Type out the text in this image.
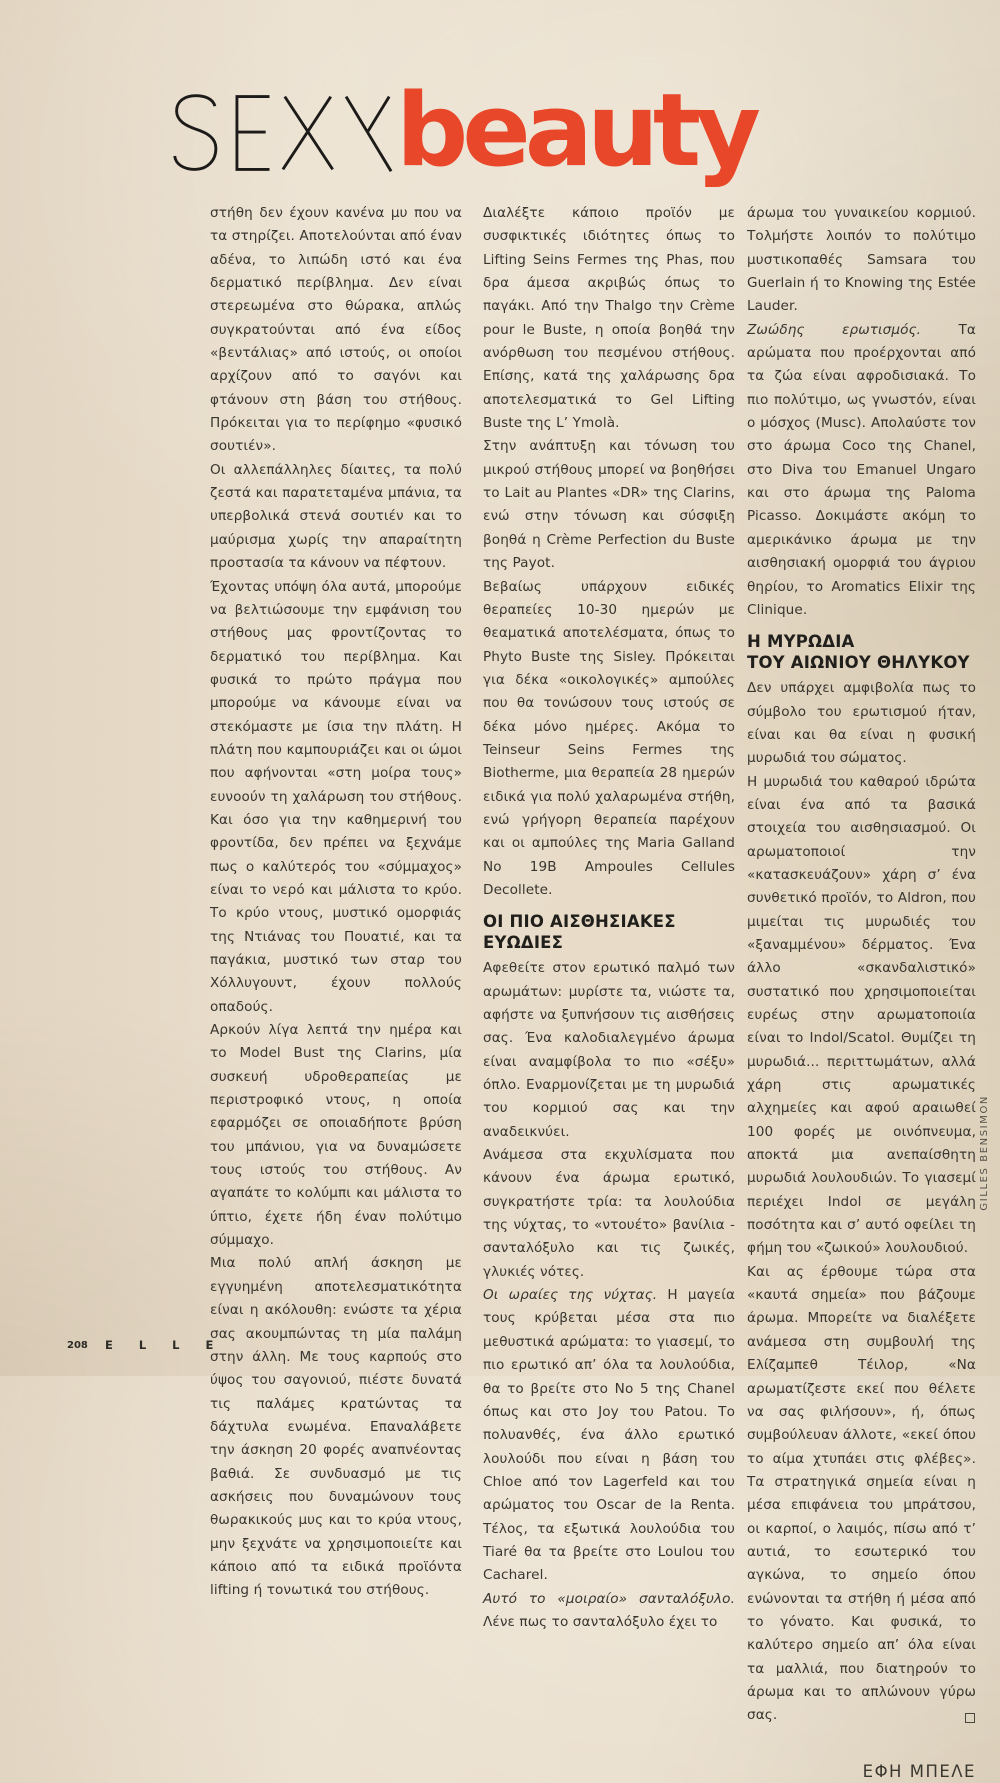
beauty

στήθη δεν έχουν κανένα μυ που να τα στηρίζει. Αποτελούνται από έναν αδένα, το λιπώδη ιστό και ένα δερματικό περίβλημα. Δεν είναι στερεωμένα στο θώρακα, απλώς συγκρατούνται από ένα είδος «βεντάλιας» από ιστούς, οι οποίοι αρχίζουν από το σαγόνι και φτάνουν στη βάση του στήθους. Πρόκειται για το περίφημο «φυσικό σουτιέν».

Οι αλλεπάλληλες δίαιτες, τα πολύ ζεστά και παρατεταμένα μπάνια, τα υπερβολικά στενά σουτιέν και το μαύρισμα χωρίς την απαραίτητη προστασία τα κάνουν να πέφτουν.

Έχοντας υπόψη όλα αυτά, μπορούμε να βελτιώσουμε την εμφάνιση του στήθους μας φροντίζοντας το δερματικό του περίβλημα. Και φυσικά το πρώτο πράγμα που μπορούμε να κάνουμε είναι να στεκόμαστε με ίσια την πλάτη. Η πλάτη που καμπουριάζει και οι ώμοι που αφήνονται «στη μοίρα τους» ευνοούν τη χαλάρωση του στήθους. Και όσο για την καθημερινή του φροντίδα, δεν πρέπει να ξεχνάμε πως ο καλύτερός του «σύμμαχος» είναι το νερό και μάλιστα το κρύο. Το κρύο ντους, μυστικό ομορφιάς της Ντιάνας του Πουατιέ, και τα παγάκια, μυστικό των σταρ του Χόλλυγουντ, έχουν πολλούς οπαδούς.

Αρκούν λίγα λεπτά την ημέρα και το Model Bust της Clarins, μία συσκευή υδροθεραπείας με περιστροφικό ντους, η οποία εφαρμόζει σε οποιαδήποτε βρύση του μπάνιου, για να δυναμώσετε τους ιστούς του στήθους. Αν αγαπάτε το κολύμπι και μάλιστα το ύπτιο, έχετε ήδη έναν πολύτιμο σύμμαχο.

Μια πολύ απλή άσκηση με εγγυημένη αποτελεσματικότητα είναι η ακόλουθη: ενώστε τα χέρια σας ακουμπώντας τη μία παλάμη στην άλλη. Με τους καρπούς στο ύψος του σαγονιού, πιέστε δυνατά τις παλάμες κρατώντας τα δάχτυλα ενωμένα. Επαναλάβετε την άσκηση 20 φορές αναπνέοντας βαθιά. Σε συνδυασμό με τις ασκήσεις που δυναμώνουν τους θωρακικούς μυς και το κρύα ντους, μην ξεχνάτε να χρησιμοποιείτε και κάποιο από τα ειδικά προϊόντα lifting ή τονωτικά του στήθους.

Διαλέξτε κάποιο προϊόν με συσφικτικές ιδιότητες όπως το Lifting Seins Fermes της Phas, που δρα άμεσα ακριβώς όπως το παγάκι. Από την Thalgo την Crème pour le Buste, η οποία βοηθά την ανόρθωση του πεσμένου στήθους. Επίσης, κατά της χαλάρωσης δρα αποτελεσματικά το Gel Lifting Buste της L’ Ymolà.

Στην ανάπτυξη και τόνωση του μικρού στήθους μπορεί να βοηθήσει το Lait au Plantes «DR» της Clarins, ενώ στην τόνωση και σύσφιξη βοηθά η Crème Perfection du Buste της Payot.

Βεβαίως υπάρχουν ειδικές θεραπείες 10-30 ημερών με θεαματικά αποτελέσματα, όπως το Phyto Buste της Sisley. Πρόκειται για δέκα «οικολογικές» αμπούλες που θα τονώσουν τους ιστούς σε δέκα μόνο ημέρες. Ακόμα το Teinseur Seins Fermes της Biotherme, μια θεραπεία 28 ημερών ειδικά για πολύ χαλαρωμένα στήθη, ενώ γρήγορη θεραπεία παρέχουν και οι αμπούλες της Maria Galland No 19B Ampoules Cellules Decollete.

ΟΙ ΠΙΟ ΑΙΣΘΗΣΙΑΚΕΣ ΕΥΩΔΙΕΣ

Αφεθείτε στον ερωτικό παλμό των αρωμάτων: μυρίστε τα, νιώστε τα, αφήστε να ξυπνήσουν τις αισθήσεις σας. Ένα καλοδιαλεγμένο άρωμα είναι αναμφίβολα το πιο «σέξυ» όπλο. Εναρμονίζεται με τη μυρωδιά του κορμιού σας και την αναδεικνύει.

Ανάμεσα στα εκχυλίσματα που κάνουν ένα άρωμα ερωτικό, συγκρατήστε τρία: τα λουλούδια της νύχτας, το «ντουέτο» βανίλια - σανταλόξυλο και τις ζωικές, γλυκιές νότες.

Οι ωραίες της νύχτας. Η μαγεία τους κρύβεται μέσα στα πιο μεθυστικά αρώματα: το γιασεμί, το πιο ερωτικό απ’ όλα τα λουλούδια, θα το βρείτε στο No 5 της Chanel όπως και στο Joy του Patou. Το πολυανθές, ένα άλλο ερωτικό λουλούδι που είναι η βάση του Chloe από τον Lagerfeld και του αρώματος του Oscar de la Renta. Τέλος, τα εξωτικά λουλούδια του Tiaré θα τα βρείτε στο Loulou του Cacharel.

Αυτό το «μοιραίο» σανταλόξυλο. Λένε πως το σανταλόξυλο έχει το

άρωμα του γυναικείου κορμιού. Τολμήστε λοιπόν το πολύτιμο μυστικοπαθές Samsara του Guerlain ή το Knowing της Estée Lauder.

Ζωώδης ερωτισμός. Τα αρώματα που προέρχονται από τα ζώα είναι αφροδισιακά. Το πιο πολύτιμο, ως γνωστόν, είναι ο μόσχος (Musc). Απολαύστε τον στο άρωμα Coco της Chanel, στο Diva του Emanuel Ungaro και στο άρωμα της Paloma Picasso. Δοκιμάστε ακόμη το αμερικάνικο άρωμα με την αισθησιακή ομορφιά του άγριου θηρίου, το Aromatics Elixir της Clinique.

Η ΜΥΡΩΔΙΑ
ΤΟΥ ΑΙΩΝΙΟΥ ΘΗΛΥΚΟΥ

Δεν υπάρχει αμφιβολία πως το σύμβολο του ερωτισμού ήταν, είναι και θα είναι η φυσική μυρωδιά του σώματος.

Η μυρωδιά του καθαρού ιδρώτα είναι ένα από τα βασικά στοιχεία του αισθησιασμού. Οι αρωματοποιοί την «κατασκευάζουν» χάρη σ’ ένα συνθετικό προϊόν, το Aldron, που μιμείται τις μυρωδιές του «ξαναμμένου» δέρματος. Ένα άλλο «σκανδαλιστικό» συστατικό που χρησιμοποιείται ευρέως στην αρωματοποιία είναι το Indol/Scatol. Θυμίζει τη μυρωδιά... περιττωμάτων, αλλά χάρη στις αρωματικές αλχημείες και αφού αραιωθεί 100 φορές με οινόπνευμα, αποκτά μια ανεπαίσθητη μυρωδιά λουλουδιών. Το γιασεμί περιέχει Indol σε μεγάλη ποσότητα και σ’ αυτό οφείλει τη φήμη του «ζωικού» λουλουδιού.

Και ας έρθουμε τώρα στα «καυτά σημεία» που βάζουμε άρωμα. Μπορείτε να διαλέξετε ανάμεσα στη συμβουλή της Ελίζαμπεθ Τέιλορ, «Να αρωματίζεστε εκεί που θέλετε να σας φιλήσουν», ή, όπως συμβούλευαν άλλοτε, «εκεί όπου το αίμα χτυπάει στις φλέβες». Τα στρατηγικά σημεία είναι η μέσα επιφάνεια του μπράτσου, οι καρποί, ο λαιμός, πίσω από τ’ αυτιά, το εσωτερικό του αγκώνα, το σημείο όπου ενώνονται τα στήθη ή μέσα από το γόνατο. Και φυσικά, το καλύτερο σημείο απ’ όλα είναι τα μαλλιά, που διατηρούν το άρωμα και το απλώνουν γύρω σας.

ΕΦΗ ΜΠΕΛΕ
GILLES BENSIMON
208 ELLE
